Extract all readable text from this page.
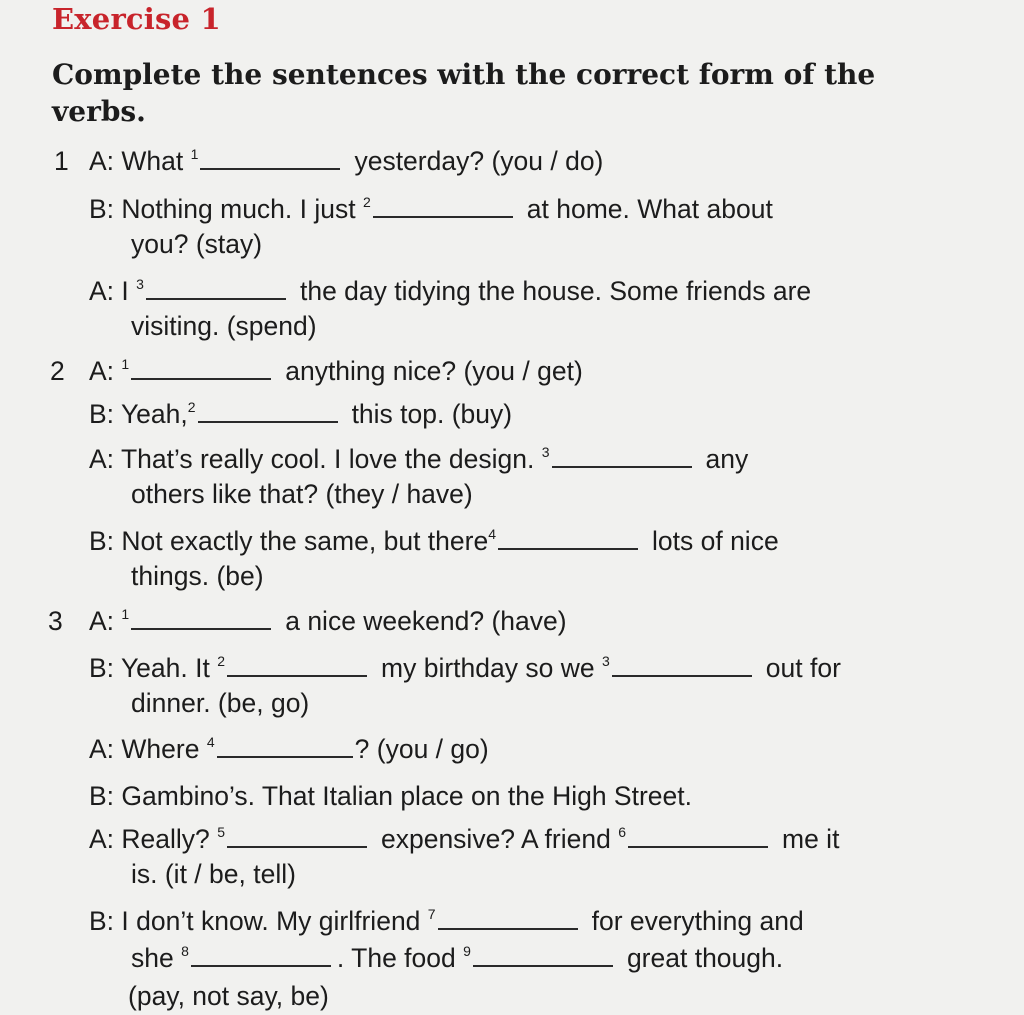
Exercise 1

Complete the sentences with the correct form of the verbs.

1 A: What $^1$	yesterday? (you / do)
B: Nothing much. I just $^2$	at home. What about
you? (stay)
A: I $^3$	the day tidying the house. Some friends are
visiting. (spend)
2 A: $^1$	anything nice? (you / get)
B: Yeah,$^2$	this top. (buy)
A: That’s really cool. I love the design. $^3$	any
others like that? (they / have)
B: Not exactly the same, but there$^4$	lots of nice
things. (be)
3 A: $^1$	a nice weekend? (have)
B: Yeah. It $^2$	my birthday so we $^3$	out for
dinner. (be, go)
A: Where $^4$	? (you / go)
B: Gambino’s. That Italian place on the High Street.
A: Really? $^5$	expensive? A friend $^6$	me it
is. (it / be, tell)
B: I don’t know. My girlfriend $^7$	for everything and
she $^8$	. The food $^9$	great though.
(pay, not say, be)
